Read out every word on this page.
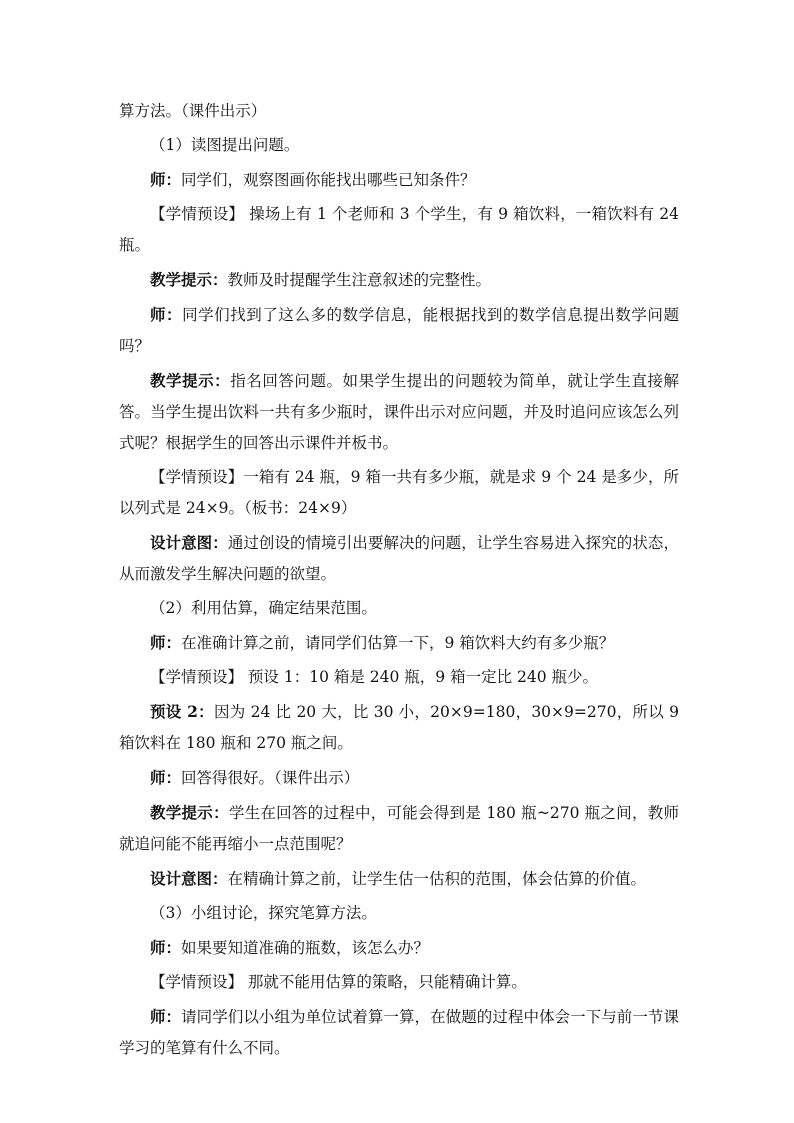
算方法。（课件出示）

（1）读图提出问题。

师：同学们，观察图画你能找出哪些已知条件？

【学情预设】 操场上有 1 个老师和 3 个学生，有 9 箱饮料，一箱饮料有 24 瓶。

教学提示：教师及时提醒学生注意叙述的完整性。

师：同学们找到了这么多的数学信息，能根据找到的数学信息提出数学问题吗？

教学提示：指名回答问题。如果学生提出的问题较为简单，就让学生直接解答。当学生提出饮料一共有多少瓶时，课件出示对应问题，并及时追问应该怎么列式呢？根据学生的回答出示课件并板书。

【学情预设】一箱有 24 瓶，9 箱一共有多少瓶，就是求 9 个 24 是多少，所以列式是 24×9。（板书：24×9）

设计意图：通过创设的情境引出要解决的问题，让学生容易进入探究的状态，从而激发学生解决问题的欲望。

（2）利用估算，确定结果范围。

师：在准确计算之前，请同学们估算一下，9 箱饮料大约有多少瓶？

【学情预设】 预设 1：10 箱是 240 瓶，9 箱一定比 240 瓶少。

预设 2：因为 24 比 20 大，比 30 小，20×9=180，30×9=270，所以 9 箱饮料在 180 瓶和 270 瓶之间。

师：回答得很好。（课件出示）

教学提示：学生在回答的过程中，可能会得到是 180 瓶~270 瓶之间，教师就追问能不能再缩小一点范围呢？

设计意图：在精确计算之前，让学生估一估积的范围，体会估算的价值。

（3）小组讨论，探究笔算方法。

师：如果要知道准确的瓶数，该怎么办？

【学情预设】 那就不能用估算的策略，只能精确计算。

师：请同学们以小组为单位试着算一算，在做题的过程中体会一下与前一节课学习的笔算有什么不同。
